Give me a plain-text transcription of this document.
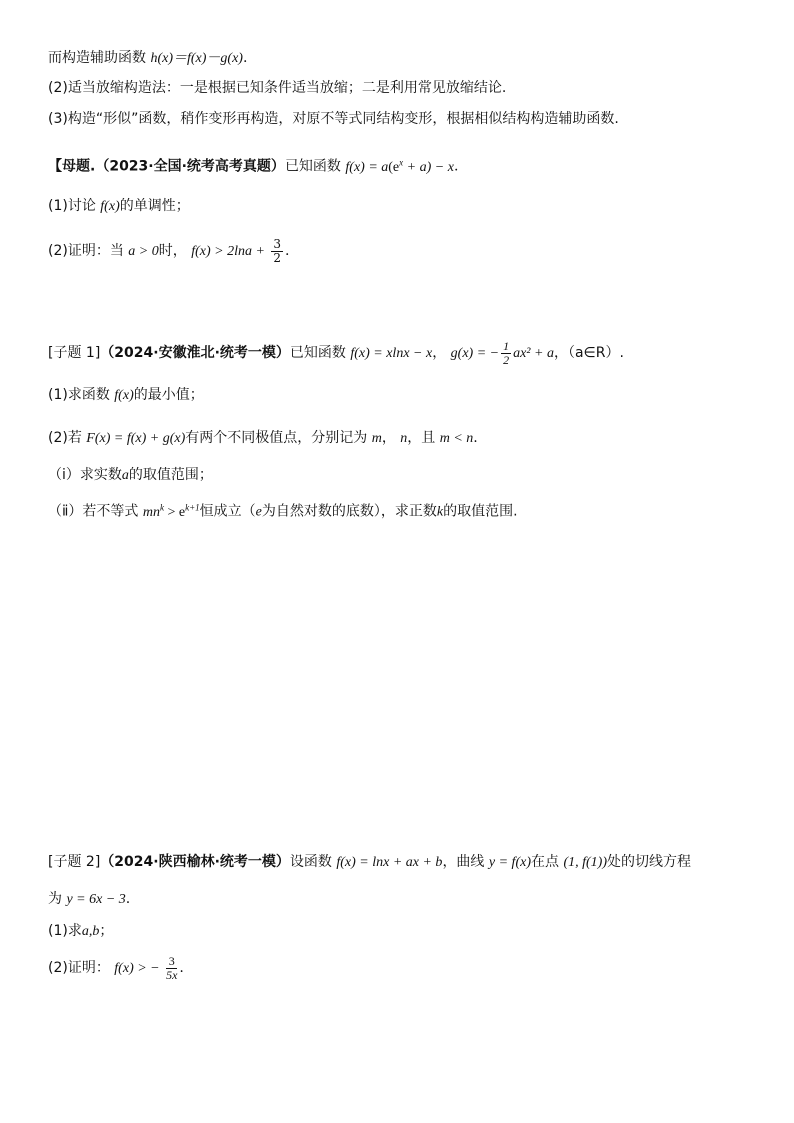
而构造辅助函数 h(x)＝f(x)－g(x).
(2)适当放缩构造法：一是根据已知条件适当放缩；二是利用常见放缩结论.
(3)构造“形似”函数，稍作变形再构造，对原不等式同结构变形，根据相似结构构造辅助函数.
【母题.（2023·全国·统考高考真题）已知函数 $f(x) = a(e^x + a) - x$.
(1)讨论 f(x)的单调性；
(2)证明：当 a > 0时， $f(x) > 2\ln a + \frac{3}{2}$ .
[子题 1]（2024·安徽淮北·统考一模）已知函数 f(x) = xlnx − x， g(x) = − $\frac{1}{2} ax^2 + a$，（a∈R）.
(1)求函数 f(x)的最小值；
(2)若 F(x) = f(x) + g(x)有两个不同极值点，分别记为 m， n，且 m < n.
（ⅰ）求实数a的取值范围；
（ⅱ）若不等式 $mn^k > e^{k+1}$恒成立（e为自然对数的底数），求正数k的取值范围.
[子题 2]（2024·陕西榆林·统考一模）设函数 f(x) = lnx + ax + b，曲线 y = f(x)在点 (1, f(1))处的切线方程
为 y = 6x − 3.
(1)求a,b；
(2)证明： f(x) > − $\frac{3}{5x}$ .
